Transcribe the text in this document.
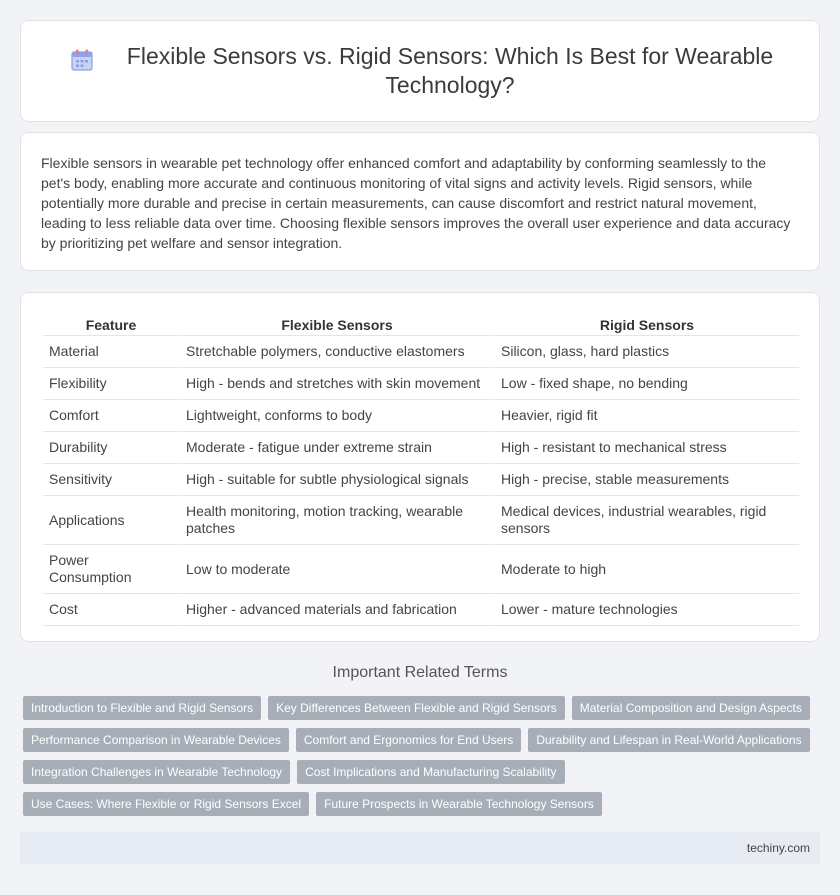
Flexible Sensors vs. Rigid Sensors: Which Is Best for Wearable Technology?

Flexible sensors in wearable pet technology offer enhanced comfort and adaptability by conforming seamlessly to the pet's body, enabling more accurate and continuous monitoring of vital signs and activity levels. Rigid sensors, while potentially more durable and precise in certain measurements, can cause discomfort and restrict natural movement, leading to less reliable data over time. Choosing flexible sensors improves the overall user experience and data accuracy by prioritizing pet welfare and sensor integration.

Feature	Flexible Sensors	Rigid Sensors
Material	Stretchable polymers, conductive elastomers	Silicon, glass, hard plastics
Flexibility	High - bends and stretches with skin movement	Low - fixed shape, no bending
Comfort	Lightweight, conforms to body	Heavier, rigid fit
Durability	Moderate - fatigue under extreme strain	High - resistant to mechanical stress
Sensitivity	High - suitable for subtle physiological signals	High - precise, stable measurements
Applications	Health monitoring, motion tracking, wearable patches	Medical devices, industrial wearables, rigid sensors
Power Consumption	Low to moderate	Moderate to high
Cost	Higher - advanced materials and fabrication	Lower - mature technologies
Important Related Terms
Introduction to Flexible and Rigid Sensors	Key Differences Between Flexible and Rigid Sensors	Material Composition and Design Aspects
Performance Comparison in Wearable Devices	Comfort and Ergonomics for End Users	Durability and Lifespan in Real-World Applications
Integration Challenges in Wearable Technology	Cost Implications and Manufacturing Scalability
Use Cases: Where Flexible or Rigid Sensors Excel	Future Prospects in Wearable Technology Sensors
techiny.com
